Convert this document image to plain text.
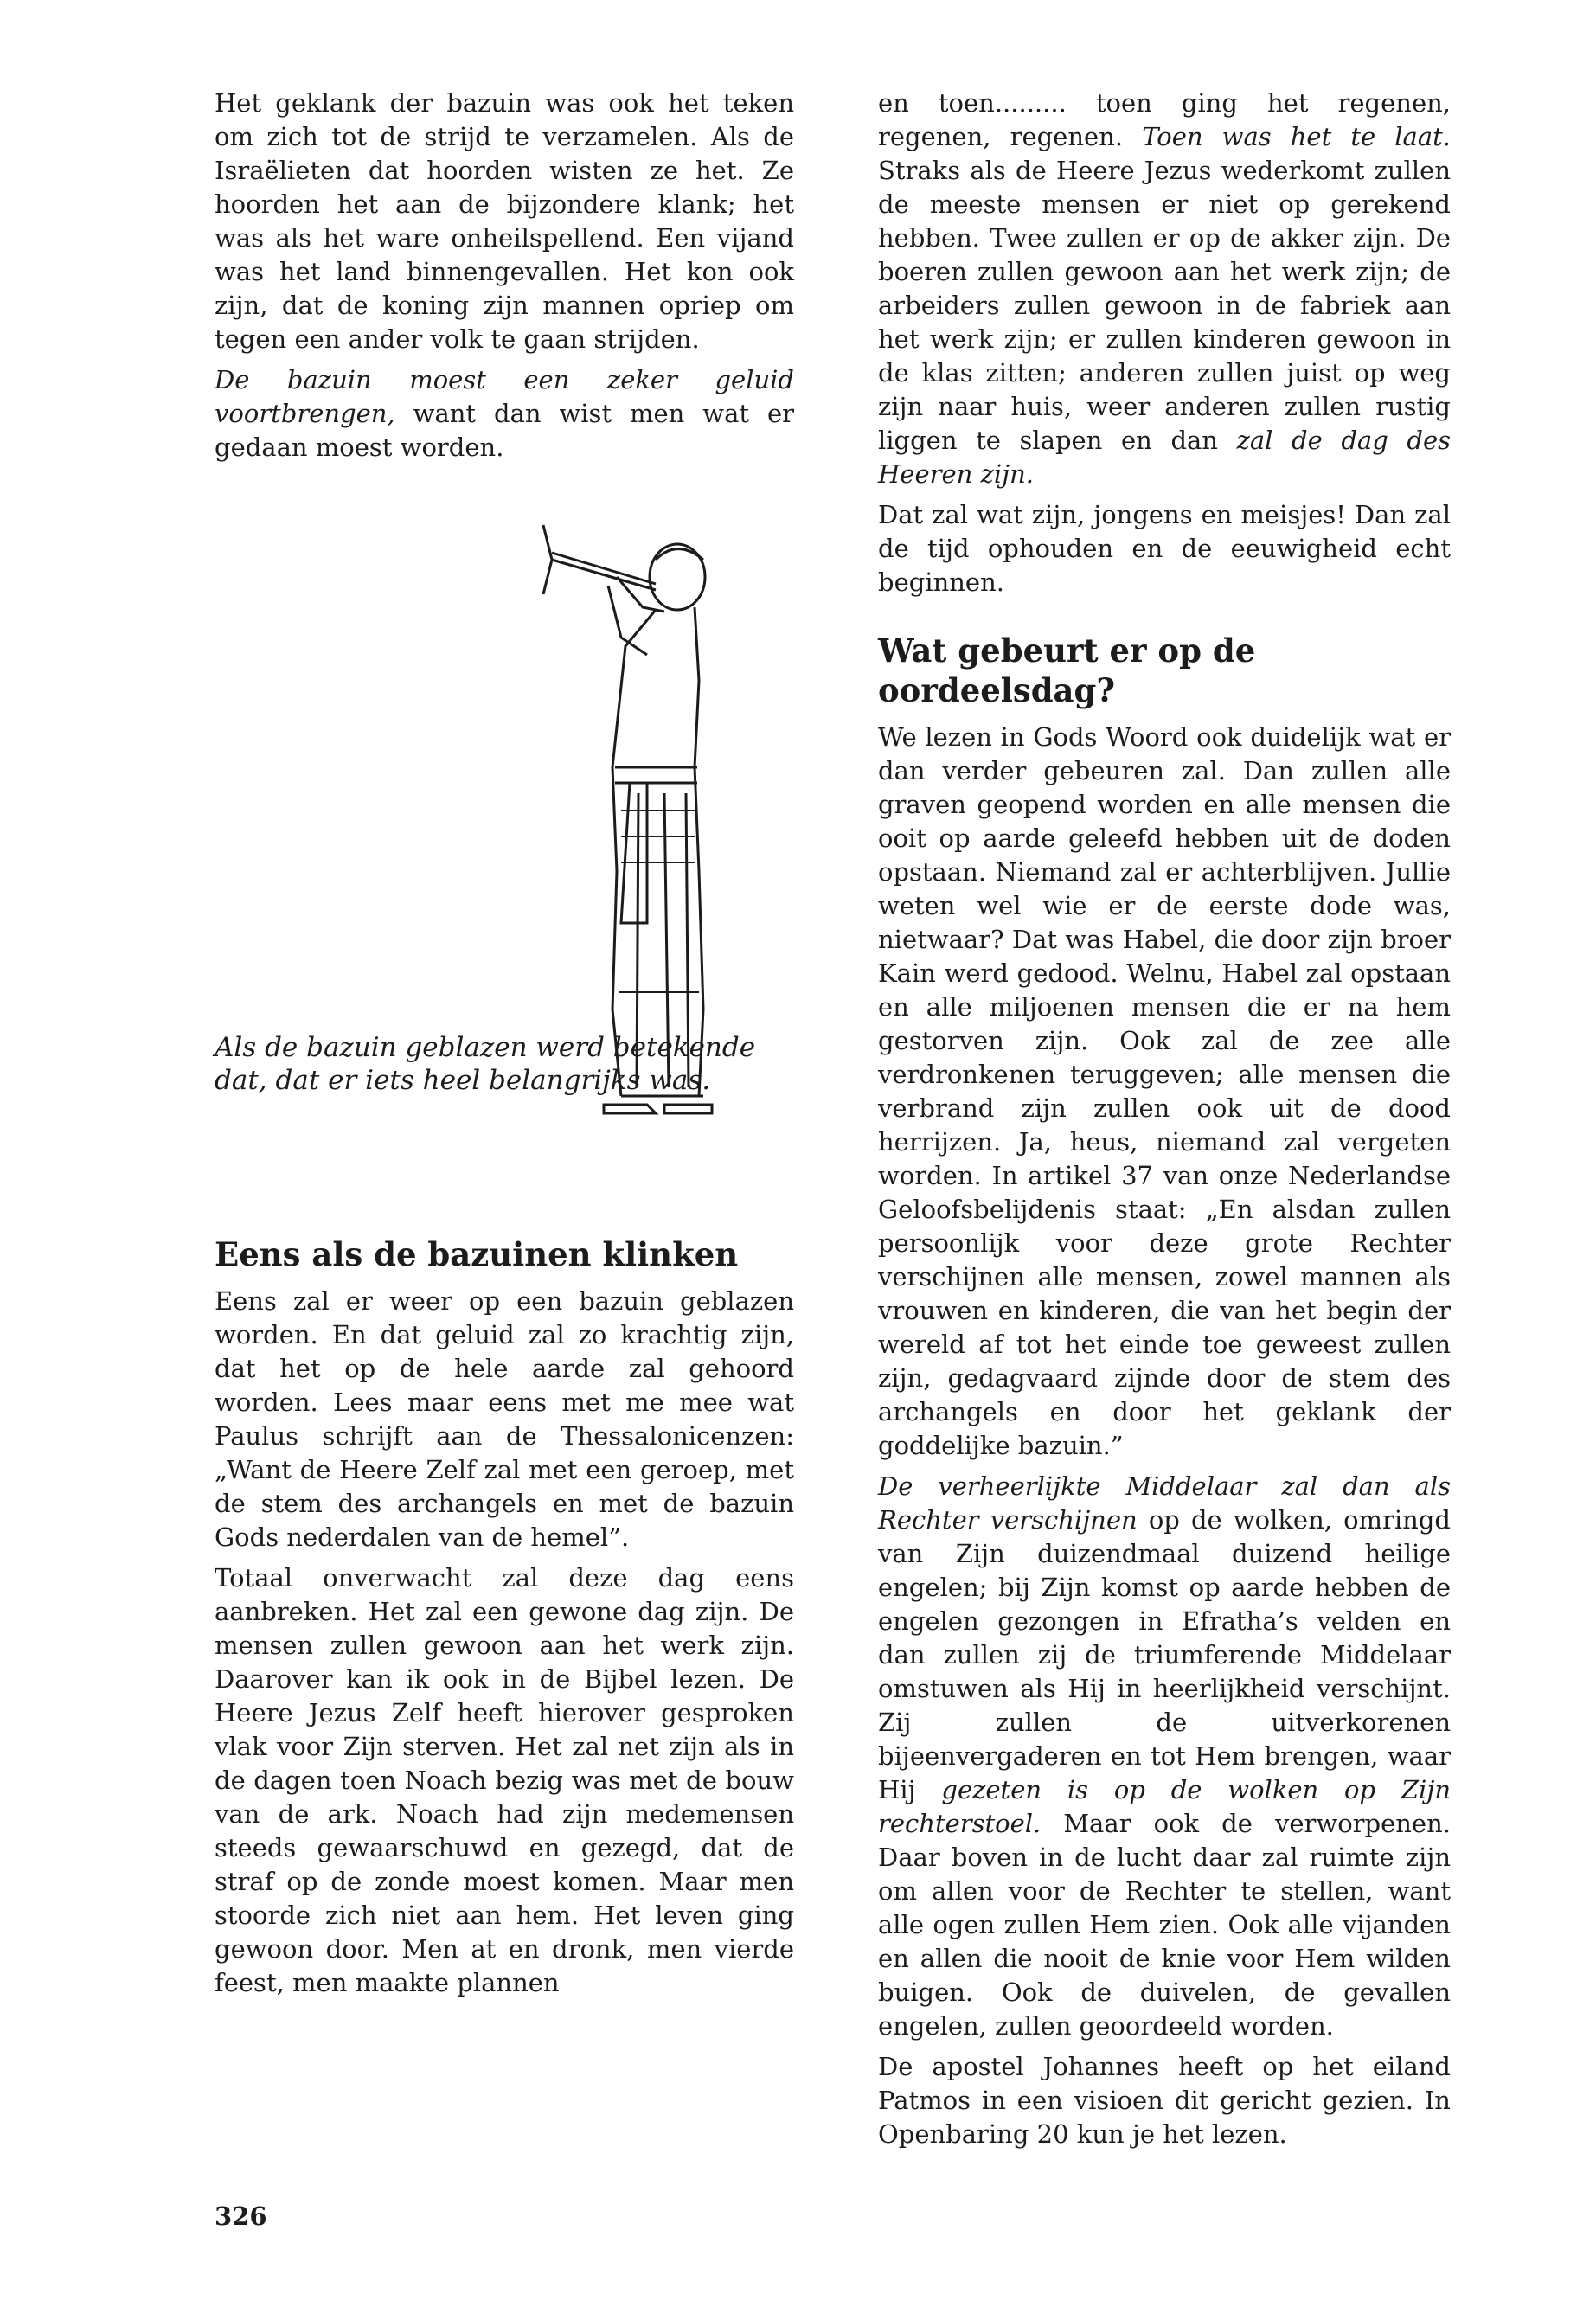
Het geklank der bazuin was ook het teken om zich tot de strijd te verzamelen. Als de Israëlieten dat hoorden wisten ze het. Ze hoorden het aan de bijzondere klank; het was als het ware onheilspellend. Een vijand was het land binnengevallen. Het kon ook zijn, dat de koning zijn mannen opriep om tegen een ander volk te gaan strijden.

De bazuin moest een zeker geluid voortbrengen, want dan wist men wat er gedaan moest worden.

Als de bazuin geblazen werd betekende dat, dat er iets heel belangrijks was.
Eens als de bazuinen klinken

Eens zal er weer op een bazuin geblazen worden. En dat geluid zal zo krachtig zijn, dat het op de hele aarde zal gehoord worden. Lees maar eens met me mee wat Paulus schrijft aan de Thessalonicenzen: „Want de Heere Zelf zal met een geroep, met de stem des archangels en met de bazuin Gods nederdalen van de hemel”.

Totaal onverwacht zal deze dag eens aanbreken. Het zal een gewone dag zijn. De mensen zullen gewoon aan het werk zijn. Daarover kan ik ook in de Bijbel lezen. De Heere Jezus Zelf heeft hierover gesproken vlak voor Zijn sterven. Het zal net zijn als in de dagen toen Noach bezig was met de bouw van de ark. Noach had zijn medemensen steeds gewaarschuwd en gezegd, dat de straf op de zonde moest komen. Maar men stoorde zich niet aan hem. Het leven ging gewoon door. Men at en dronk, men vierde feest, men maakte plannen

en toen......... toen ging het regenen, regenen, regenen. Toen was het te laat. Straks als de Heere Jezus wederkomt zullen de meeste mensen er niet op gerekend hebben. Twee zullen er op de akker zijn. De boeren zullen gewoon aan het werk zijn; de arbeiders zullen gewoon in de fabriek aan het werk zijn; er zullen kinderen gewoon in de klas zitten; anderen zullen juist op weg zijn naar huis, weer anderen zullen rustig liggen te slapen en dan zal de dag des Heeren zijn.

Dat zal wat zijn, jongens en meisjes! Dan zal de tijd ophouden en de eeuwigheid echt beginnen.

Wat gebeurt er op de oordeelsdag?

We lezen in Gods Woord ook duidelijk wat er dan verder gebeuren zal. Dan zullen alle graven geopend worden en alle mensen die ooit op aarde geleefd hebben uit de doden opstaan. Niemand zal er achterblijven. Jullie weten wel wie er de eerste dode was, nietwaar? Dat was Habel, die door zijn broer Kain werd gedood. Welnu, Habel zal opstaan en alle miljoenen mensen die er na hem gestorven zijn. Ook zal de zee alle verdronkenen teruggeven; alle mensen die verbrand zijn zullen ook uit de dood herrijzen. Ja, heus, niemand zal vergeten worden. In artikel 37 van onze Nederlandse Geloofsbelijdenis staat: „En alsdan zullen persoonlijk voor deze grote Rechter verschijnen alle mensen, zowel mannen als vrouwen en kinderen, die van het begin der wereld af tot het einde toe geweest zullen zijn, gedagvaard zijnde door de stem des archangels en door het geklank der goddelijke bazuin.”

De verheerlijkte Middelaar zal dan als Rechter verschijnen op de wolken, omringd van Zijn duizendmaal duizend heilige engelen; bij Zijn komst op aarde hebben de engelen gezongen in Efratha’s velden en dan zullen zij de triumferende Middelaar omstuwen als Hij in heerlijkheid verschijnt. Zij zullen de uitverkorenen bijeenvergaderen en tot Hem brengen, waar Hij gezeten is op de wolken op Zijn rechterstoel. Maar ook de verworpenen. Daar boven in de lucht daar zal ruimte zijn om allen voor de Rechter te stellen, want alle ogen zullen Hem zien. Ook alle vijanden en allen die nooit de knie voor Hem wilden buigen. Ook de duivelen, de gevallen engelen, zullen geoordeeld worden.

De apostel Johannes heeft op het eiland Patmos in een visioen dit gericht gezien. In Openbaring 20 kun je het lezen.

326
